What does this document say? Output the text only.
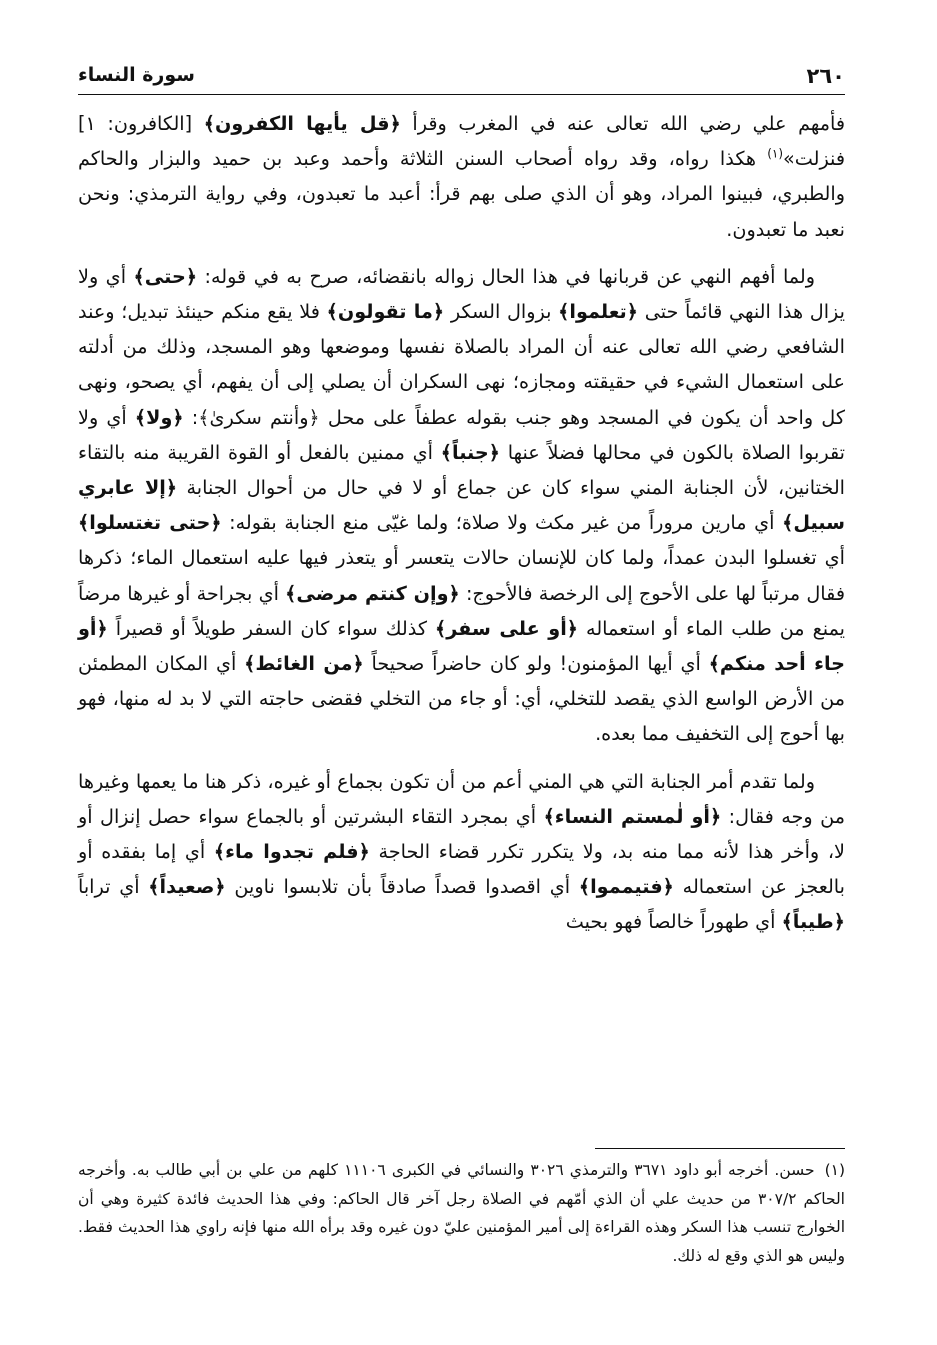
٢٦٠
سورة النساء

فأمهم علي رضي الله تعالى عنه في المغرب وقرأ ﴿قل يأيها الكفرون﴾ [الكافرون: ١] فنزلت»$^{(١)}$ هكذا رواه، وقد رواه أصحاب السنن الثلاثة وأحمد وعبد بن حميد والبزار والحاكم والطبري، فبينوا المراد، وهو أن الذي صلى بهم قرأ: أعبد ما تعبدون، وفي رواية الترمذي: ونحن نعبد ما تعبدون.

ولما أفهم النهي عن قربانها في هذا الحال زواله بانقضائه، صرح به في قوله: ﴿حتى﴾ أي ولا يزال هذا النهي قائماً حتى ﴿تعلموا﴾ بزوال السكر ﴿ما تقولون﴾ فلا يقع منكم حينئذ تبديل؛ وعند الشافعي رضي الله تعالى عنه أن المراد بالصلاة نفسها وموضعها وهو المسجد، وذلك من أدلته على استعمال الشيء في حقيقته ومجازه؛ نهى السكران أن يصلي إلى أن يفهم، أي يصحو، ونهى كل واحد أن يكون في المسجد وهو جنب بقوله عطفاً على محل ﴿وأنتم سكرىٰ﴾: ﴿ولا﴾ أي ولا تقربوا الصلاة بالكون في محالها فضلاً عنها ﴿جنباً﴾ أي ممنين بالفعل أو القوة القريبة منه بالتقاء الختانين، لأن الجنابة المني سواء كان عن جماع أو لا في حال من أحوال الجنابة ﴿إلا عابري سبيل﴾ أي مارين مروراً من غير مكث ولا صلاة؛ ولما غيّى منع الجنابة بقوله: ﴿حتى تغتسلوا﴾ أي تغسلوا البدن عمداً، ولما كان للإنسان حالات يتعسر أو يتعذر فيها عليه استعمال الماء؛ ذكرها فقال مرتباً لها على الأحوج إلى الرخصة فالأحوج: ﴿وإن كنتم مرضى﴾ أي بجراحة أو غيرها مرضاً يمنع من طلب الماء أو استعماله ﴿أو على سفر﴾ كذلك سواء كان السفر طويلاً أو قصيراً ﴿أو جاء أحد منكم﴾ أي أيها المؤمنون! ولو كان حاضراً صحيحاً ﴿من الغائط﴾ أي المكان المطمئن من الأرض الواسع الذي يقصد للتخلي، أي: أو جاء من التخلي فقضى حاجته التي لا بد له منها، فهو بها أحوج إلى التخفيف مما بعده.

ولما تقدم أمر الجنابة التي هي المني أعم من أن تكون بجماع أو غيره، ذكر هنا ما يعمها وغيرها من وجه فقال: ﴿أو لٰمستم النساء﴾ أي بمجرد التقاء البشرتين أو بالجماع سواء حصل إنزال أو لا، وأخر هذا لأنه مما منه بد، ولا يتكرر تكرر قضاء الحاجة ﴿فلم تجدوا ماء﴾ أي إما بفقده أو بالعجز عن استعماله ﴿فتيمموا﴾ أي اقصدوا قصداً صادقاً بأن تلابسوا ناوين ﴿صعيداً﴾ أي تراباً ﴿طيباً﴾ أي طهوراً خالصاً فهو بحيث

(١)حسن. أخرجه أبو داود ٣٦٧١ والترمذي ٣٠٢٦ والنسائي في الكبرى ١١١٠٦ كلهم من علي بن أبي طالب به. وأخرجه الحاكم ٣٠٧/٢ من حديث علي أن الذي أمّهم في الصلاة رجل آخر قال الحاكم: وفي هذا الحديث فائدة كثيرة وهي أن الخوارج تنسب هذا السكر وهذه القراءة إلى أمير المؤمنين عليّ دون غيره وقد برأه الله منها فإنه راوي هذا الحديث فقط. وليس هو الذي وقع له ذلك.
